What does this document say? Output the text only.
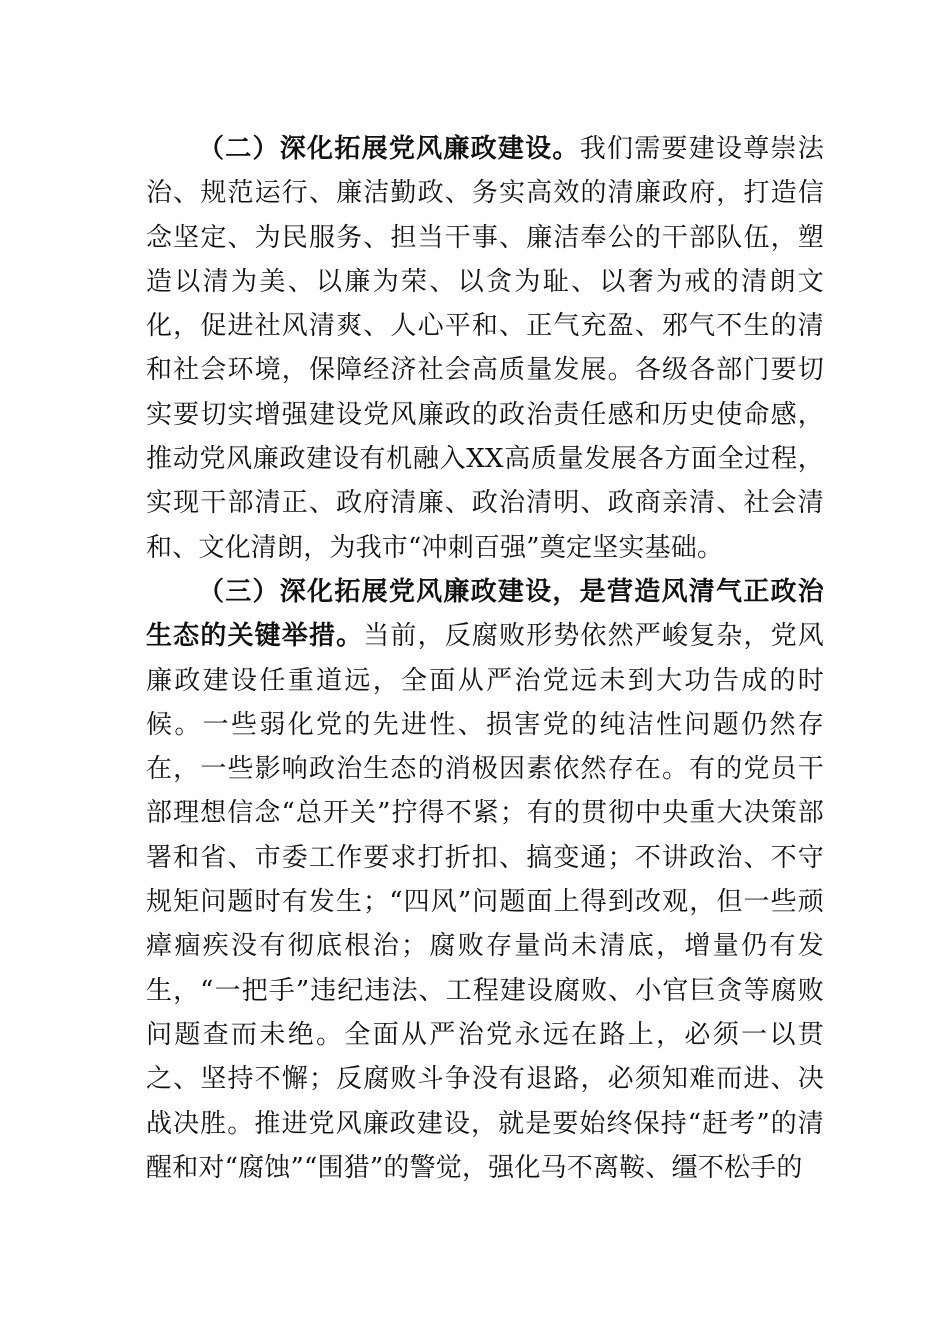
（二）深化拓展党风廉政建设。我们需要建设尊崇法治、规范运行、廉洁勤政、务实高效的清廉政府，打造信念坚定、为民服务、担当干事、廉洁奉公的干部队伍，塑造以清为美、以廉为荣、以贪为耻、以奢为戒的清朗文化，促进社风清爽、人心平和、正气充盈、邪气不生的清和社会环境，保障经济社会高质量发展。各级各部门要切实要切实增强建设党风廉政的政治责任感和历史使命感，推动党风廉政建设有机融入XX高质量发展各方面全过程，实现干部清正、政府清廉、政治清明、政商亲清、社会清和、文化清朗，为我市“冲刺百强”奠定坚实基础。

（三）深化拓展党风廉政建设，是营造风清气正政治生态的关键举措。当前，反腐败形势依然严峻复杂，党风廉政建设任重道远，全面从严治党远未到大功告成的时候。一些弱化党的先进性、损害党的纯洁性问题仍然存在，一些影响政治生态的消极因素依然存在。有的党员干部理想信念“总开关”拧得不紧；有的贯彻中央重大决策部署和省、市委工作要求打折扣、搞变通；不讲政治、不守规矩问题时有发生；“四风”问题面上得到改观，但一些顽瘴痼疾没有彻底根治；腐败存量尚未清底，增量仍有发生，“一把手”违纪违法、工程建设腐败、小官巨贪等腐败问题查而未绝。全面从严治党永远在路上，必须一以贯之、坚持不懈；反腐败斗争没有退路，必须知难而进、决战决胜。推进党风廉政建设，就是要始终保持“赶考”的清醒和对“腐蚀”“围猎”的警觉，强化马不离鞍、缰不松手的
